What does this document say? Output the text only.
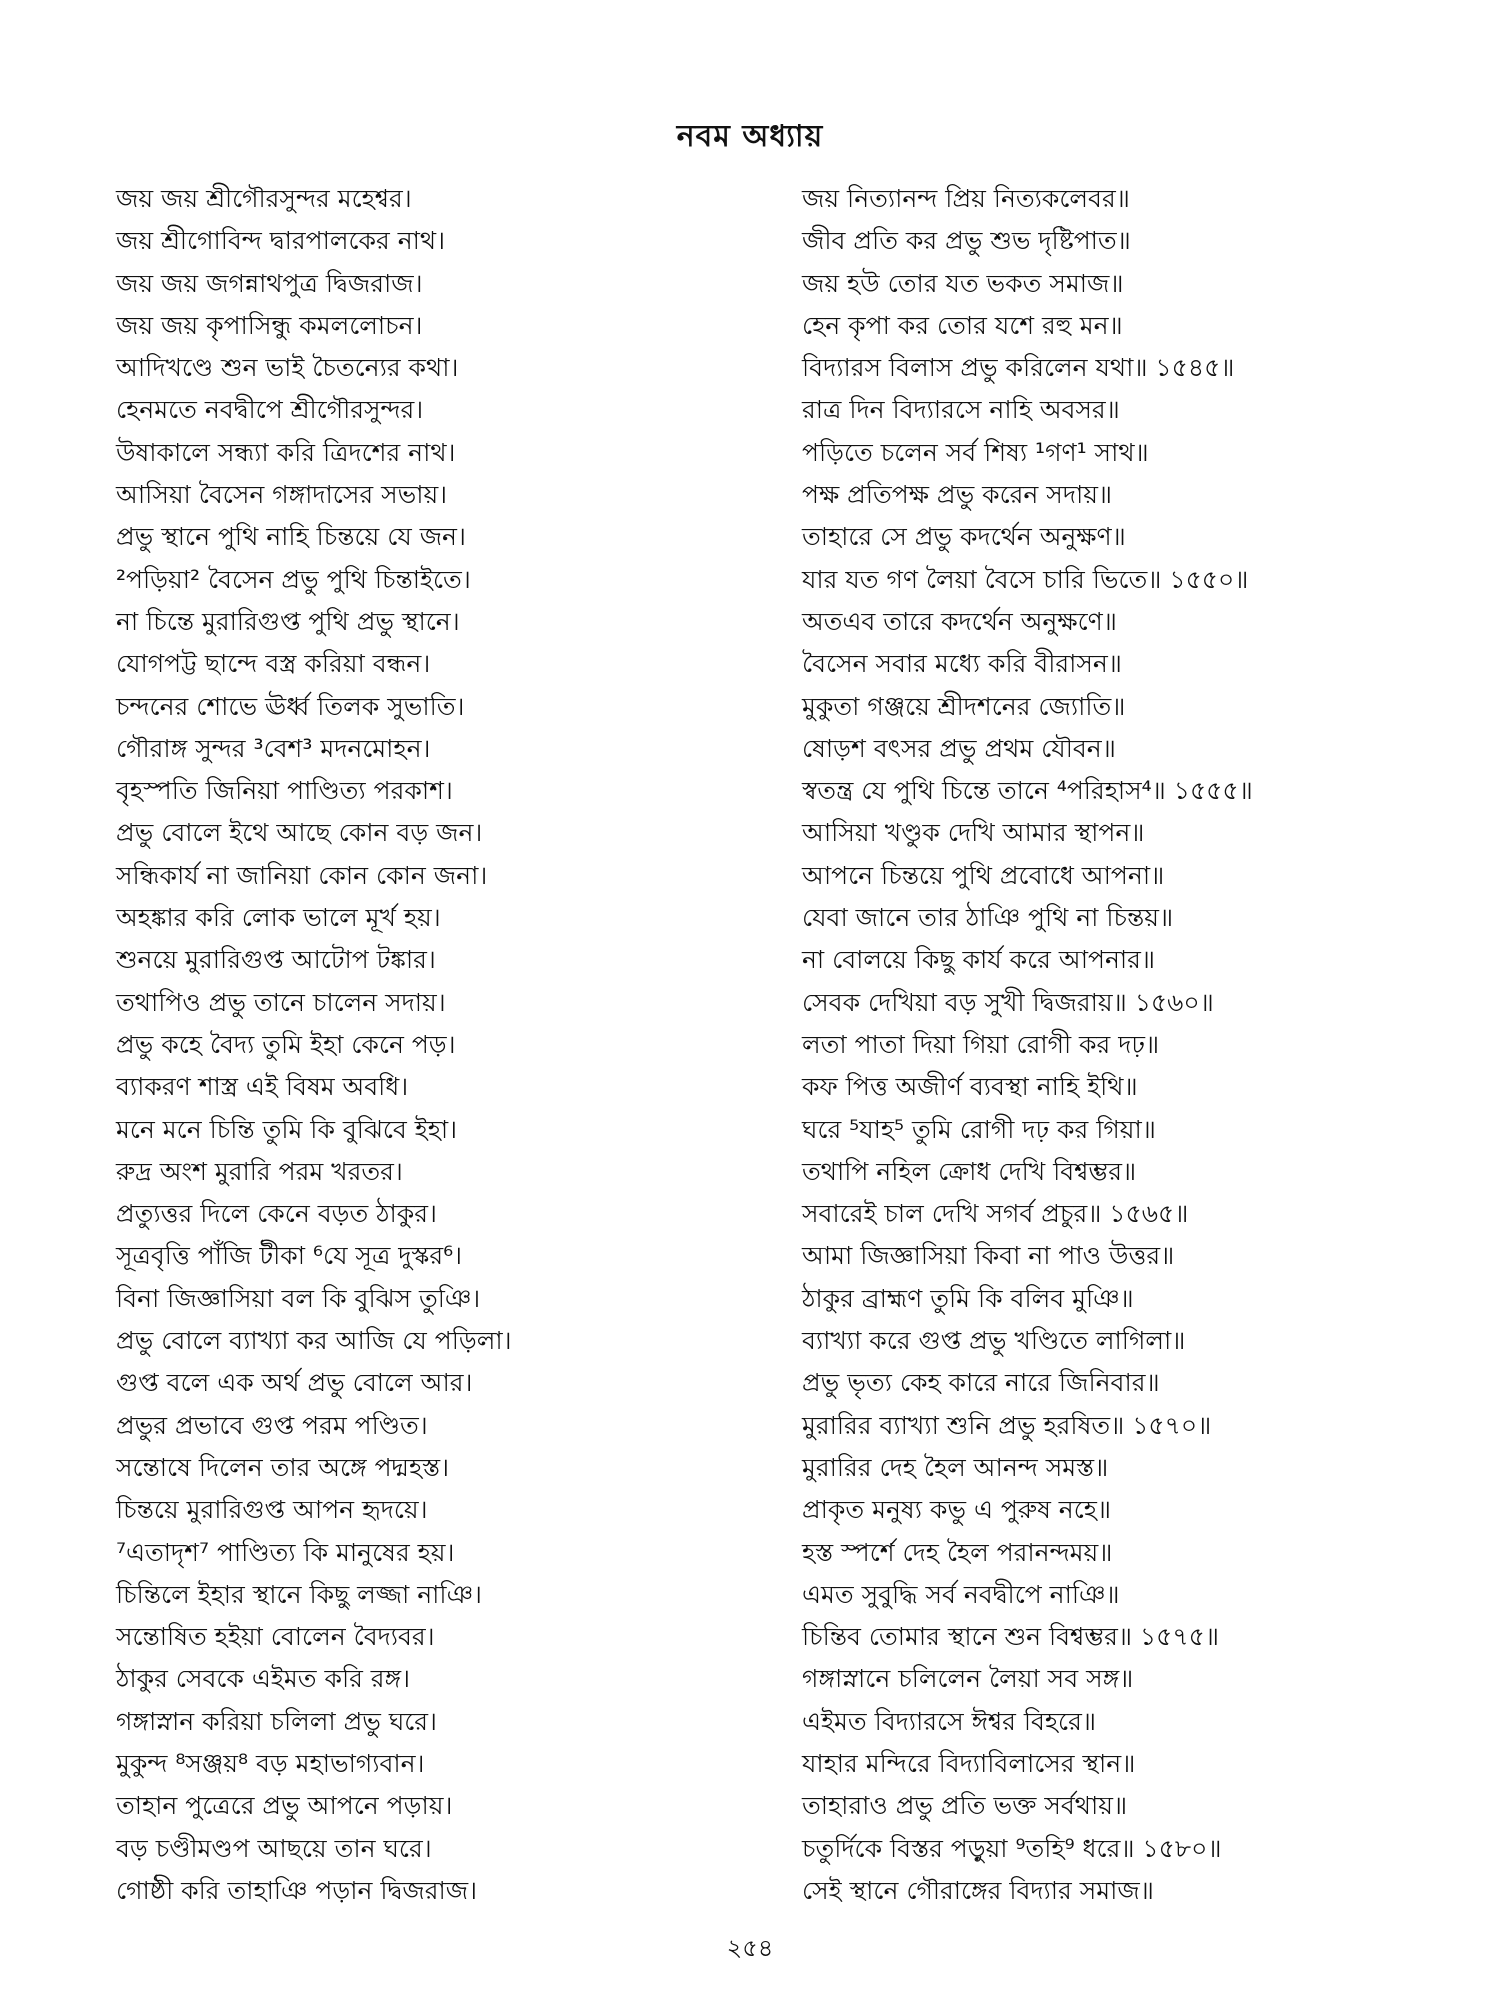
নবম অধ্যায়
জয় জয় শ্রীগৌরসুন্দর মহেশ্বর।	জয় নিত্যানন্দ প্রিয় নিত্যকলেবর॥
জয় শ্রীগোবিন্দ দ্বারপালকের নাথ।	জীব প্রতি কর প্রভু শুভ দৃষ্টিপাত॥
জয় জয় জগন্নাথপুত্র দ্বিজরাজ।	জয় হউ তোর যত ভকত সমাজ॥
জয় জয় কৃপাসিন্ধু কমললোচন।	হেন কৃপা কর তোর যশে রহু মন॥
আদিখণ্ডে শুন ভাই চৈতন্যের কথা।	বিদ্যারস বিলাস প্রভু করিলেন যথা॥ ১৫৪৫॥
হেনমতে নবদ্বীপে শ্রীগৌরসুন্দর।	রাত্র দিন বিদ্যারসে নাহি অবসর॥
উষাকালে সন্ধ্যা করি ত্রিদশের নাথ।	পড়িতে চলেন সর্ব শিষ্য ¹গণ¹ সাথ॥
আসিয়া বৈসেন গঙ্গাদাসের সভায়।	পক্ষ প্রতিপক্ষ প্রভু করেন সদায়॥
প্রভু স্থানে পুথি নাহি চিন্তয়ে যে জন।	তাহারে সে প্রভু কদর্থেন অনুক্ষণ॥
²পড়িয়া² বৈসেন প্রভু পুথি চিন্তাইতে।	যার যত গণ লৈয়া বৈসে চারি ভিতে॥ ১৫৫০॥
না চিন্তে মুরারিগুপ্ত পুথি প্রভু স্থানে।	অতএব তারে কদর্থেন অনুক্ষণে॥
যোগপট্ট ছান্দে বস্ত্র করিয়া বন্ধন।	বৈসেন সবার মধ্যে করি বীরাসন॥
চন্দনের শোভে ঊর্ধ্ব তিলক সুভাতি।	মুকুতা গঞ্জয়ে শ্রীদশনের জ্যোতি॥
গৌরাঙ্গ সুন্দর ³বেশ³ মদনমোহন।	ষোড়শ বৎসর প্রভু প্রথম যৌবন॥
বৃহস্পতি জিনিয়া পাণ্ডিত্য পরকাশ।	স্বতন্ত্র যে পুথি চিন্তে তানে ⁴পরিহাস⁴॥ ১৫৫৫॥
প্রভু বোলে ইথে আছে কোন বড় জন।	আসিয়া খণ্ডুক দেখি আমার স্থাপন॥
সন্ধিকার্য না জানিয়া কোন কোন জনা।	আপনে চিন্তয়ে পুথি প্রবোধে আপনা॥
অহঙ্কার করি লোক ভালে মূর্খ হয়।	যেবা জানে তার ঠাঞি পুথি না চিন্তয়॥
শুনয়ে মুরারিগুপ্ত আটোপ টঙ্কার।	না বোলয়ে কিছু কার্য করে আপনার॥
তথাপিও প্রভু তানে চালেন সদায়।	সেবক দেখিয়া বড় সুখী দ্বিজরায়॥ ১৫৬০॥
প্রভু কহে বৈদ্য তুমি ইহা কেনে পড়।	লতা পাতা দিয়া গিয়া রোগী কর দঢ়॥
ব্যাকরণ শাস্ত্র এই বিষম অবধি।	কফ পিত্ত অজীর্ণ ব্যবস্থা নাহি ইথি॥
মনে মনে চিন্তি তুমি কি বুঝিবে ইহা।	ঘরে ⁵যাহ⁵ তুমি রোগী দঢ় কর গিয়া॥
রুদ্র অংশ মুরারি পরম খরতর।	তথাপি নহিল ক্রোধ দেখি বিশ্বম্ভর॥
প্রত্যুত্তর দিলে কেনে বড়ত ঠাকুর।	সবারেই চাল দেখি সগর্ব প্রচুর॥ ১৫৬৫॥
সূত্রবৃত্তি পাঁজি টীকা ⁶যে সূত্র দুস্কর⁶।	আমা জিজ্ঞাসিয়া কিবা না পাও উত্তর॥
বিনা জিজ্ঞাসিয়া বল কি বুঝিস তুঞি।	ঠাকুর ব্রাহ্মণ তুমি কি বলিব মুঞি॥
প্রভু বোলে ব্যাখ্যা কর আজি যে পড়িলা।	ব্যাখ্যা করে গুপ্ত প্রভু খণ্ডিতে লাগিলা॥
গুপ্ত বলে এক অর্থ প্রভু বোলে আর।	প্রভু ভৃত্য কেহ কারে নারে জিনিবার॥
প্রভুর প্রভাবে গুপ্ত পরম পণ্ডিত।	মুরারির ব্যাখ্যা শুনি প্রভু হরষিত॥ ১৫৭০॥
সন্তোষে দিলেন তার অঙ্গে পদ্মহস্ত।	মুরারির দেহ হৈল আনন্দ সমস্ত॥
চিন্তয়ে মুরারিগুপ্ত আপন হৃদয়ে।	প্রাকৃত মনুষ্য কভু এ পুরুষ নহে॥
⁷এতাদৃশ⁷ পাণ্ডিত্য কি মানুষের হয়।	হস্ত স্পর্শে দেহ হৈল পরানন্দময়॥
চিন্তিলে ইহার স্থানে কিছু লজ্জা নাঞি।	এমত সুবুদ্ধি সর্ব নবদ্বীপে নাঞি॥
সন্তোষিত হইয়া বোলেন বৈদ্যবর।	চিন্তিব তোমার স্থানে শুন বিশ্বম্ভর॥ ১৫৭৫॥
ঠাকুর সেবকে এইমত করি রঙ্গ।	গঙ্গাস্নানে চলিলেন লৈয়া সব সঙ্গ॥
গঙ্গাস্নান করিয়া চলিলা প্রভু ঘরে।	এইমত বিদ্যারসে ঈশ্বর বিহরে॥
মুকুন্দ ⁸সঞ্জয়⁸ বড় মহাভাগ্যবান।	যাহার মন্দিরে বিদ্যাবিলাসের স্থান॥
তাহান পুত্রেরে প্রভু আপনে পড়ায়।	তাহারাও প্রভু প্রতি ভক্ত সর্বথায়॥
বড় চণ্ডীমণ্ডপ আছয়ে তান ঘরে।	চতুর্দিকে বিস্তর পড়ুয়া ⁹তহি⁹ ধরে॥ ১৫৮০॥
গোষ্ঠী করি তাহাঞি পড়ান দ্বিজরাজ।	সেই স্থানে গৌরাঙ্গের বিদ্যার সমাজ॥
২৫৪
